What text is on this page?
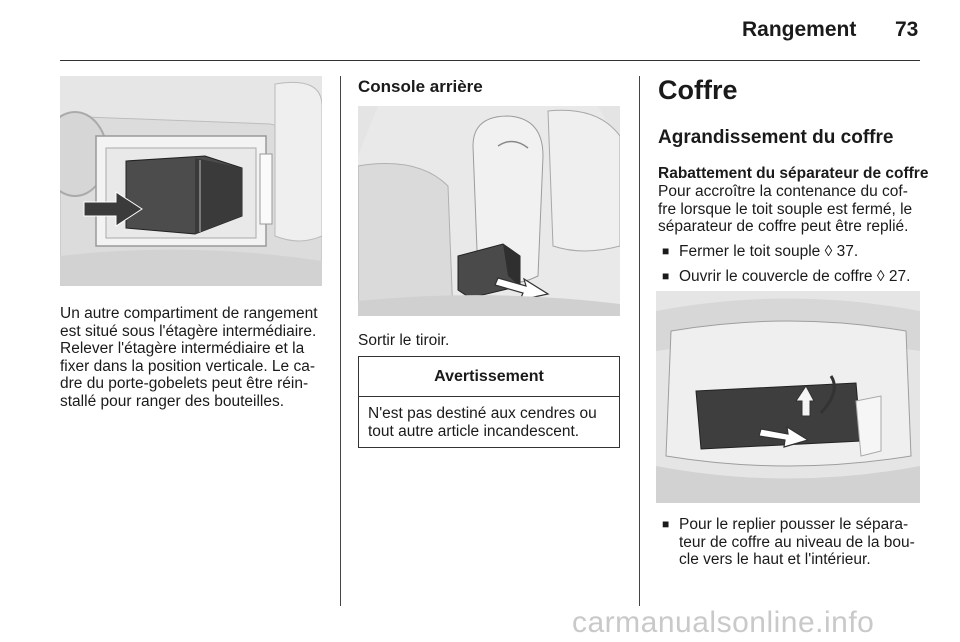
Rangement 73

Un autre compartiment de rangement
est situé sous l'étagère intermédiaire.
Relever l'étagère intermédiaire et la
fixer dans la position verticale. Le ca-
dre du porte-gobelets peut être réin-
stallé pour ranger des bouteilles.

Console arrière

Sortir le tiroir.

Avertissement
N'est pas destiné aux cendres ou
tout autre article incandescent.
Coffre
Agrandissement du coffre
Rabattement du séparateur de coffre

Pour accroître la contenance du cof-
fre lorsque le toit souple est fermé, le
séparateur de coffre peut être replié.

■ Fermer le toit souple ◊ 37.
■ Ouvrir le couvercle de coffre ◊ 27.
■ Pour le replier pousser le sépara-
teur de coffre au niveau de la bou-
cle vers le haut et l'intérieur.
carmanualsonline.info
